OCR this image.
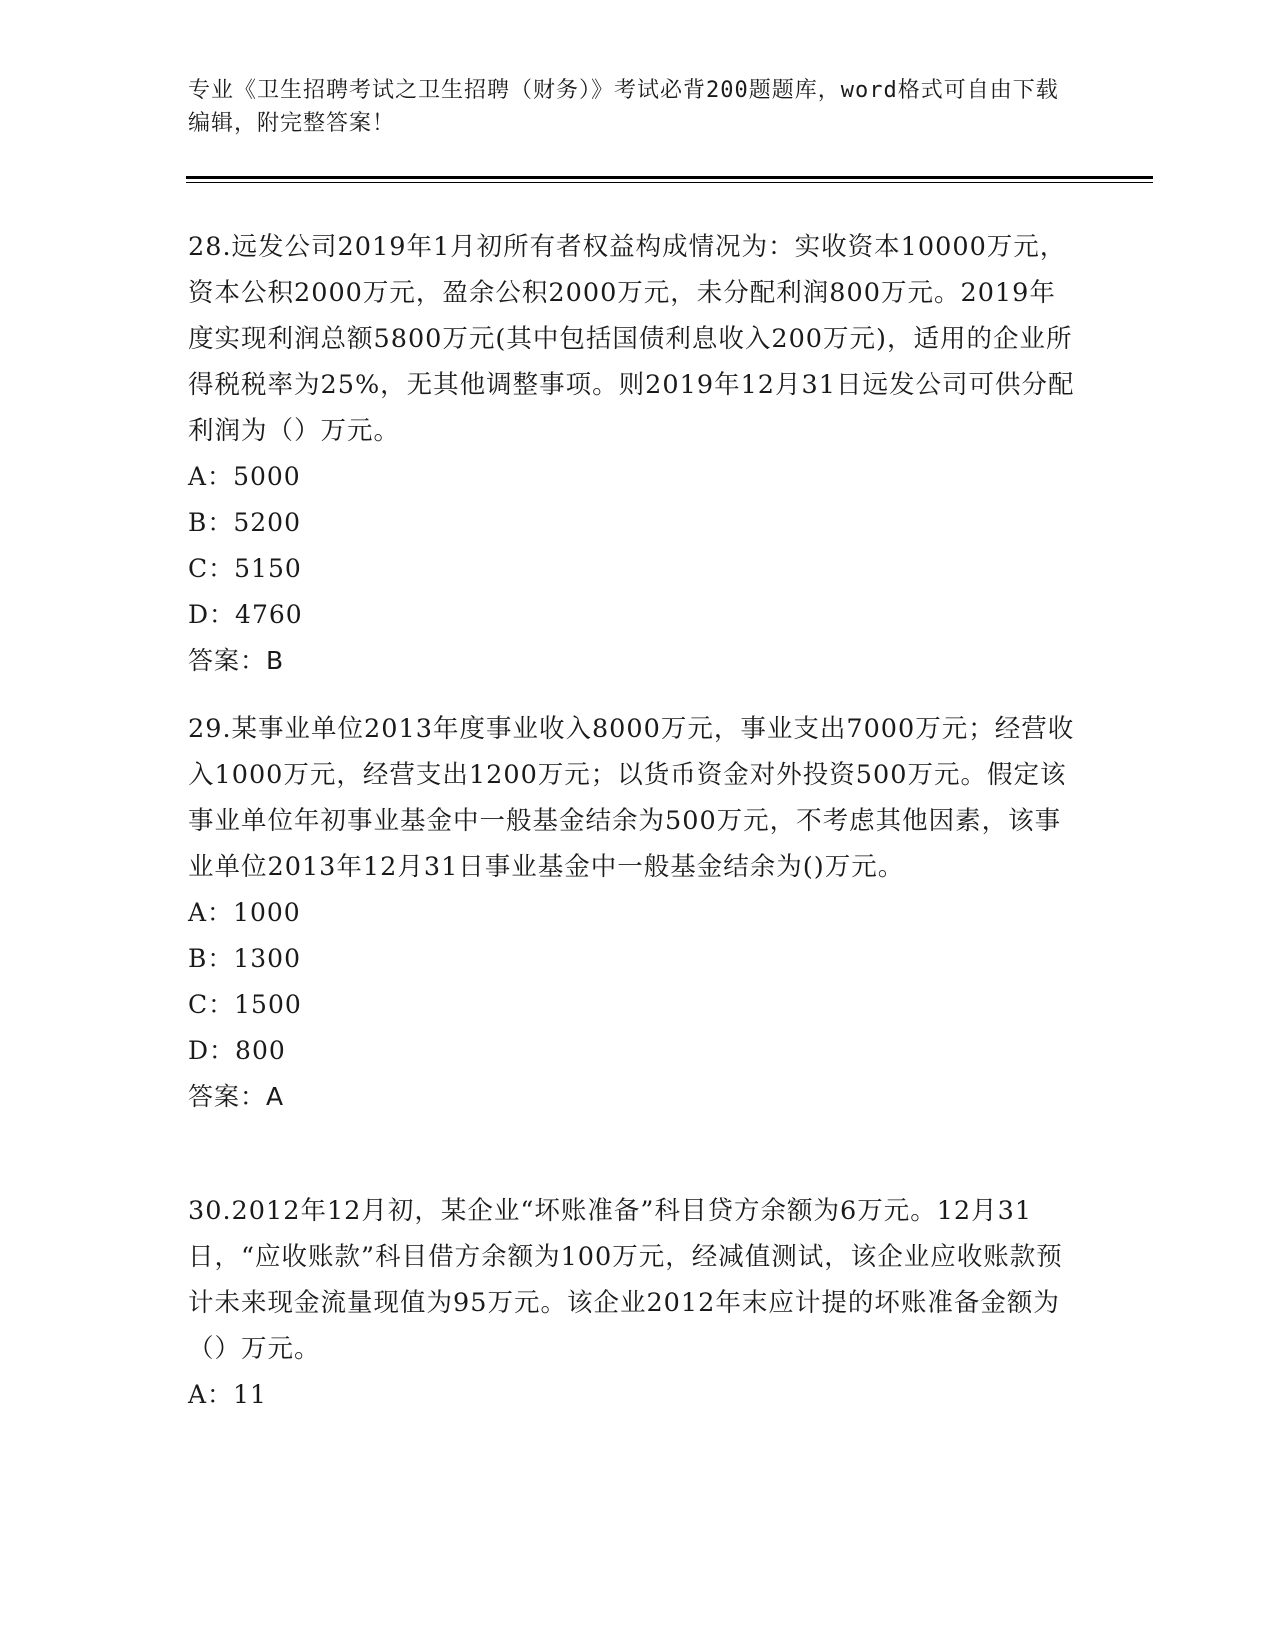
专业《卫生招聘考试之卫生招聘（财务）》考试必背200题题库，word格式可自由下载编辑，附完整答案！

28.远发公司2019年1月初所有者权益构成情况为：实收资本10000万元，资本公积2000万元，盈余公积2000万元，未分配利润800万元。2019年度实现利润总额5800万元(其中包括国债利息收入200万元)，适用的企业所得税税率为25%，无其他调整事项。则2019年12月31日远发公司可供分配利润为（）万元。

A：5000

B：5200

C：5150

D：4760

答案：B

29.某事业单位2013年度事业收入8000万元，事业支出7000万元；经营收入1000万元，经营支出1200万元；以货币资金对外投资500万元。假定该事业单位年初事业基金中一般基金结余为500万元，不考虑其他因素，该事业单位2013年12月31日事业基金中一般基金结余为()万元。

A：1000

B：1300

C：1500

D：800

答案：A

30.2012年12月初，某企业“坏账准备”科目贷方余额为6万元。12月31日，“应收账款”科目借方余额为100万元，经减值测试，该企业应收账款预计未来现金流量现值为95万元。该企业2012年末应计提的坏账准备金额为（）万元。

A：11
